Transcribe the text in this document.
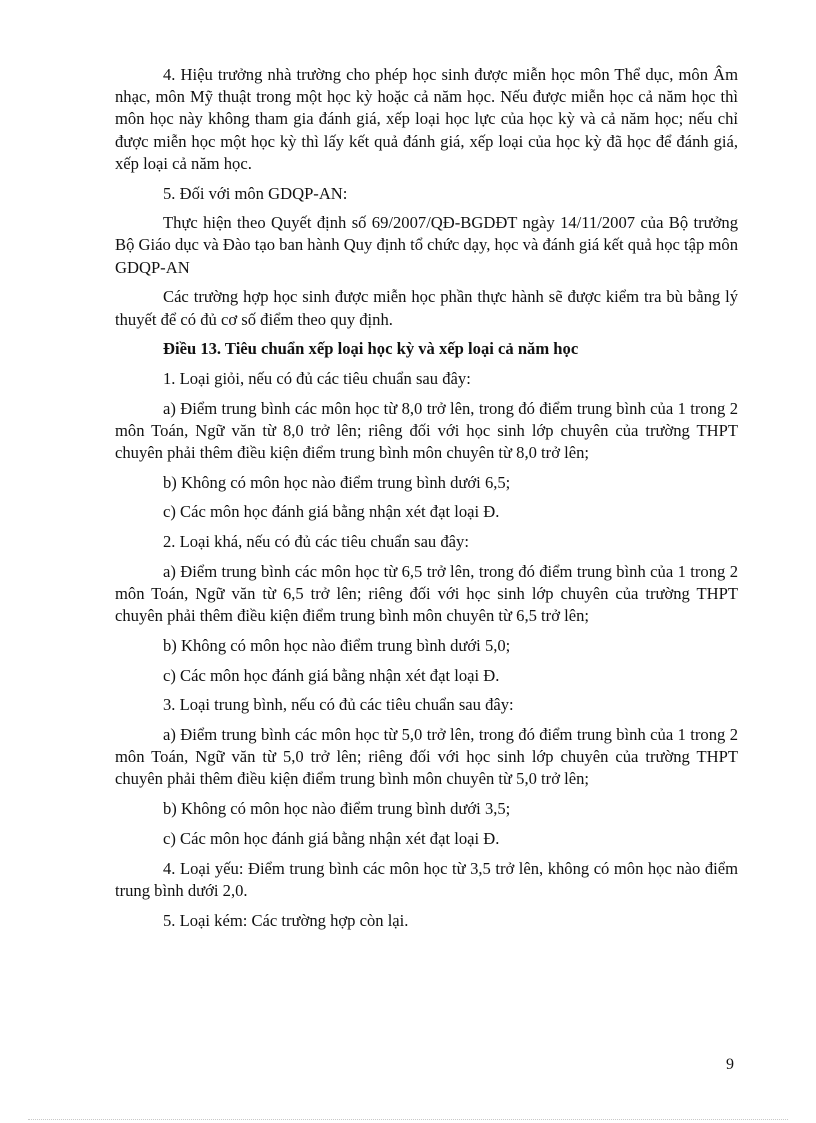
4. Hiệu trưởng nhà trường cho phép học sinh được miễn học môn Thể dục, môn Âm nhạc, môn Mỹ thuật trong một học kỳ hoặc cả năm học. Nếu được miễn học cả năm học thì môn học này không tham gia đánh giá, xếp loại học lực của học kỳ và cả năm học; nếu chỉ được miễn học một học kỳ thì lấy kết quả đánh giá, xếp loại của học kỳ đã học để đánh giá, xếp loại cả năm học.

5. Đối với môn GDQP-AN:

Thực hiện theo Quyết định số 69/2007/QĐ-BGDĐT ngày 14/11/2007 của Bộ trưởng Bộ Giáo dục và Đào tạo ban hành Quy định tổ chức dạy, học và đánh giá kết quả học tập môn GDQP-AN

Các trường hợp học sinh được miễn học phần thực hành sẽ được kiểm tra bù bằng lý thuyết để có đủ cơ số điểm theo quy định.

Điều 13. Tiêu chuẩn xếp loại học kỳ và xếp loại cả năm học

1. Loại giỏi, nếu có đủ các tiêu chuẩn sau đây:

a) Điểm trung bình các môn học từ 8,0 trở lên, trong đó điểm trung bình của 1 trong 2 môn Toán, Ngữ văn từ 8,0 trở lên; riêng đối với học sinh lớp chuyên của trường THPT chuyên phải thêm điều kiện điểm trung bình môn chuyên từ 8,0 trở lên;

b) Không có môn học nào điểm trung bình dưới 6,5;

c) Các môn học đánh giá bằng nhận xét đạt loại Đ.

2. Loại khá, nếu có đủ các tiêu chuẩn sau đây:

a) Điểm trung bình các môn học từ 6,5 trở lên, trong đó điểm trung bình của 1 trong 2 môn Toán, Ngữ văn từ 6,5 trở lên; riêng đối với học sinh lớp chuyên của trường THPT chuyên phải thêm điều kiện điểm trung bình môn chuyên từ 6,5 trở lên;

b) Không có môn học nào điểm trung bình dưới 5,0;

c) Các môn học đánh giá bằng nhận xét đạt loại Đ.

3. Loại trung bình, nếu có đủ các tiêu chuẩn sau đây:

a) Điểm trung bình các môn học từ 5,0 trở lên, trong đó điểm trung bình của 1 trong 2 môn Toán, Ngữ văn từ 5,0 trở lên; riêng đối với học sinh lớp chuyên của trường THPT chuyên phải thêm điều kiện điểm trung bình môn chuyên từ 5,0 trở lên;

b) Không có môn học nào điểm trung bình dưới 3,5;

c) Các môn học đánh giá bằng nhận xét đạt loại Đ.

4. Loại yếu: Điểm trung bình các môn học từ 3,5 trở lên, không có môn học nào điểm trung bình dưới 2,0.

5. Loại kém: Các trường hợp còn lại.

9
